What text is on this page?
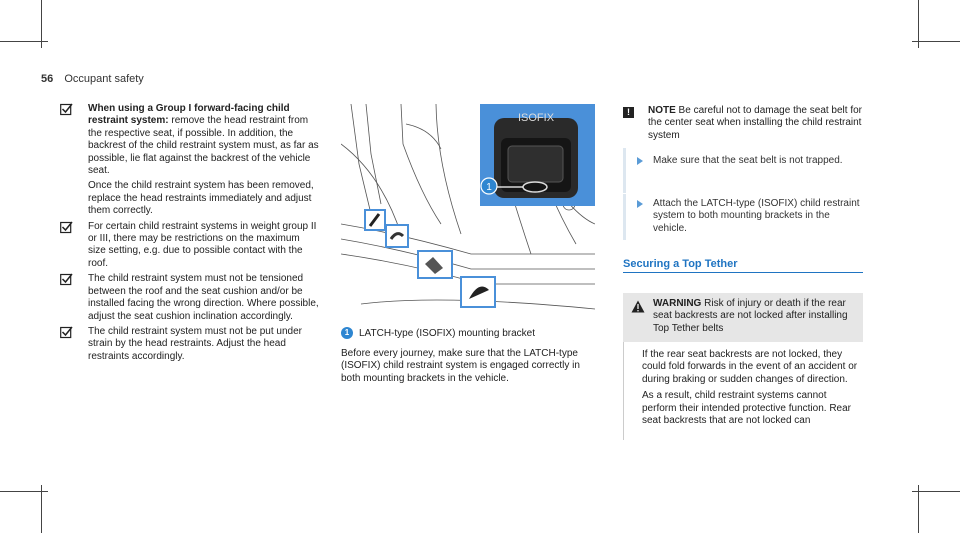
56 Occupant safety
When using a Group I forward-facing child restraint system: remove the head restraint from the respective seat, if possible. In addition, the backrest of the child restraint system must, as far as possible, lie flat against the backrest of the vehicle seat.
Once the child restraint system has been removed, replace the head restraints immediately and adjust them correctly.
For certain child restraint systems in weight group II or III, there may be restrictions on the maximum size setting, e.g. due to possible contact with the roof.
The child restraint system must not be tensioned between the roof and the seat cushion and/or be installed facing the wrong direction. Where possible, adjust the seat cushion inclination accordingly.
The child restraint system must not be put under strain by the head restraints. Adjust the head restraints accordingly.
1
ISOFIX
1 LATCH-type (ISOFIX) mounting bracket
Before every journey, make sure that the LATCH-type (ISOFIX) child restraint system is engaged correctly in both mounting brackets in the vehicle.
!	NOTE Be careful not to damage the seat belt for the center seat when installing the child restraint system
Make sure that the seat belt is not trapped.
Attach the LATCH-type (ISOFIX) child restraint system to both mounting brackets in the vehicle.
Securing a Top Tether
WARNING Risk of injury or death if the rear seat backrests are not locked after installing Top Tether belts

If the rear seat backrests are not locked, they could fold forwards in the event of an accident or during braking or sudden changes of direction.

As a result, child restraint systems cannot perform their intended protective function. Rear seat backrests that are not locked can
